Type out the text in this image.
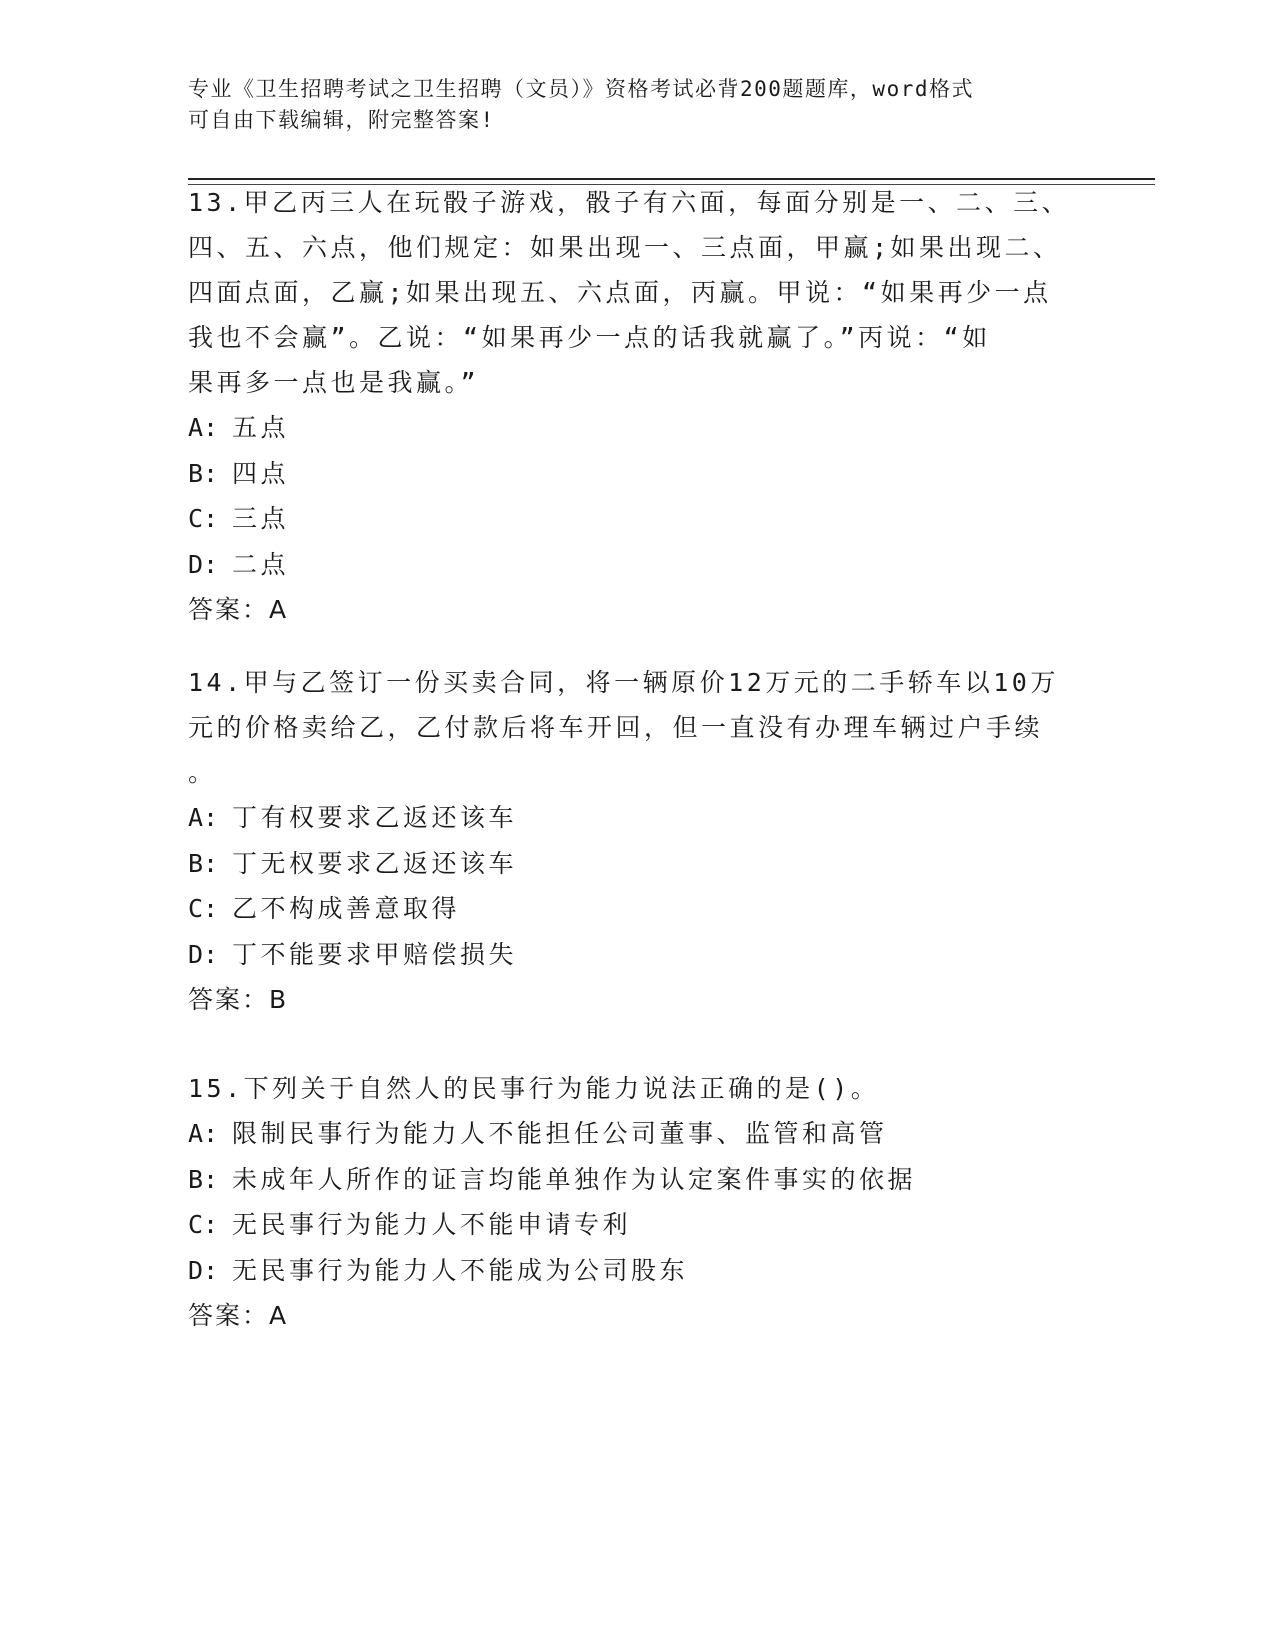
专业《卫生招聘考试之卫生招聘（文员）》资格考试必背200题题库，word格式
可自由下载编辑，附完整答案!
13.甲乙丙三人在玩骰子游戏，骰子有六面，每面分别是一、二、三、
四、五、六点，他们规定：如果出现一、三点面，甲赢;如果出现二、
四面点面，乙赢;如果出现五、六点面，丙赢。甲说：“如果再少一点
我也不会赢”。乙说：“如果再少一点的话我就赢了。”丙说：“如
果再多一点也是我赢。”
A: 五点
B: 四点
C: 三点
D: 二点
答案：A
14.甲与乙签订一份买卖合同，将一辆原价12万元的二手轿车以10万
元的价格卖给乙，乙付款后将车开回，但一直没有办理车辆过户手续
。
A: 丁有权要求乙返还该车
B: 丁无权要求乙返还该车
C: 乙不构成善意取得
D: 丁不能要求甲赔偿损失
答案：B
15.下列关于自然人的民事行为能力说法正确的是()。
A: 限制民事行为能力人不能担任公司董事、监管和高管
B: 未成年人所作的证言均能单独作为认定案件事实的依据
C: 无民事行为能力人不能申请专利
D: 无民事行为能力人不能成为公司股东
答案：A
